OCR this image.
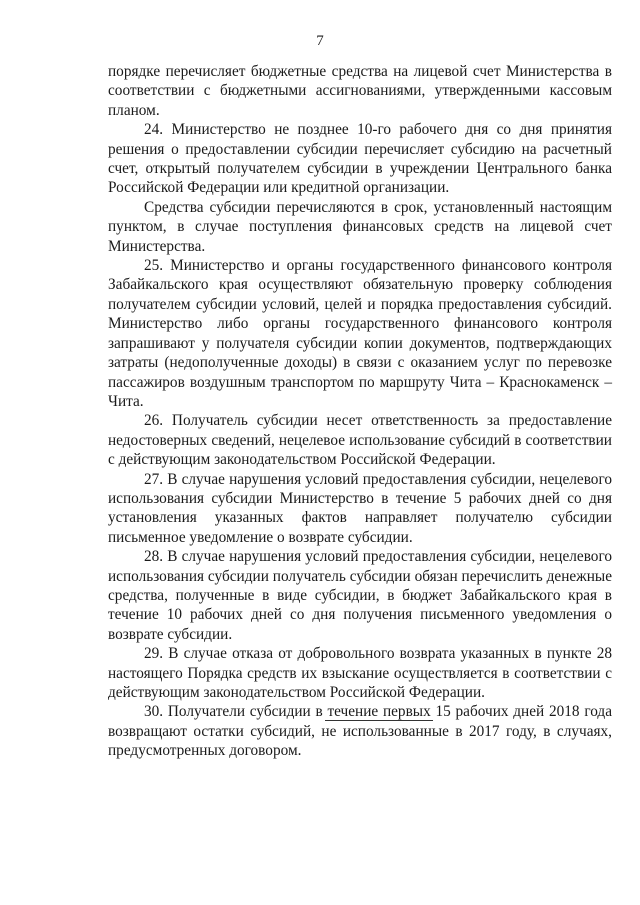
7

порядке перечисляет бюджетные средства на лицевой счет Министерства в соответствии с бюджетными ассигнованиями, утвержденными кассовым планом.

24. Министерство не позднее 10-го рабочего дня со дня принятия решения о предоставлении субсидии перечисляет субсидию на расчетный счет, открытый получателем субсидии в учреждении Центрального банка Российской Федерации или кредитной организации.

Средства субсидии перечисляются в срок, установленный настоящим пунктом, в случае поступления финансовых средств на лицевой счет Министерства.

25. Министерство и органы государственного финансового контроля Забайкальского края осуществляют обязательную проверку соблюдения получателем субсидии условий, целей и порядка предоставления субсидий. Министерство либо органы государственного финансового контроля запрашивают у получателя субсидии копии документов, подтверждающих затраты (недополученные доходы) в связи с оказанием услуг по перевозке пассажиров воздушным транспортом по маршруту Чита – Краснокаменск – Чита.

26. Получатель субсидии несет ответственность за предоставление недостоверных сведений, нецелевое использование субсидий в соответствии с действующим законодательством Российской Федерации.

27. В случае нарушения условий предоставления субсидии, нецелевого использования субсидии Министерство в течение 5 рабочих дней со дня установления указанных фактов направляет получателю субсидии письменное уведомление о возврате субсидии.

28. В случае нарушения условий предоставления субсидии, нецелевого использования субсидии получатель субсидии обязан перечислить денежные средства, полученные в виде субсидии, в бюджет Забайкальского края в течение 10 рабочих дней со дня получения письменного уведомления о возврате субсидии.

29. В случае отказа от добровольного возврата указанных в пункте 28 настоящего Порядка средств их взыскание осуществляется в соответствии с действующим законодательством Российской Федерации.

30. Получатели субсидии в течение первых 15 рабочих дней 2018 года возвращают остатки субсидий, не использованные в 2017 году, в случаях, предусмотренных договором.
